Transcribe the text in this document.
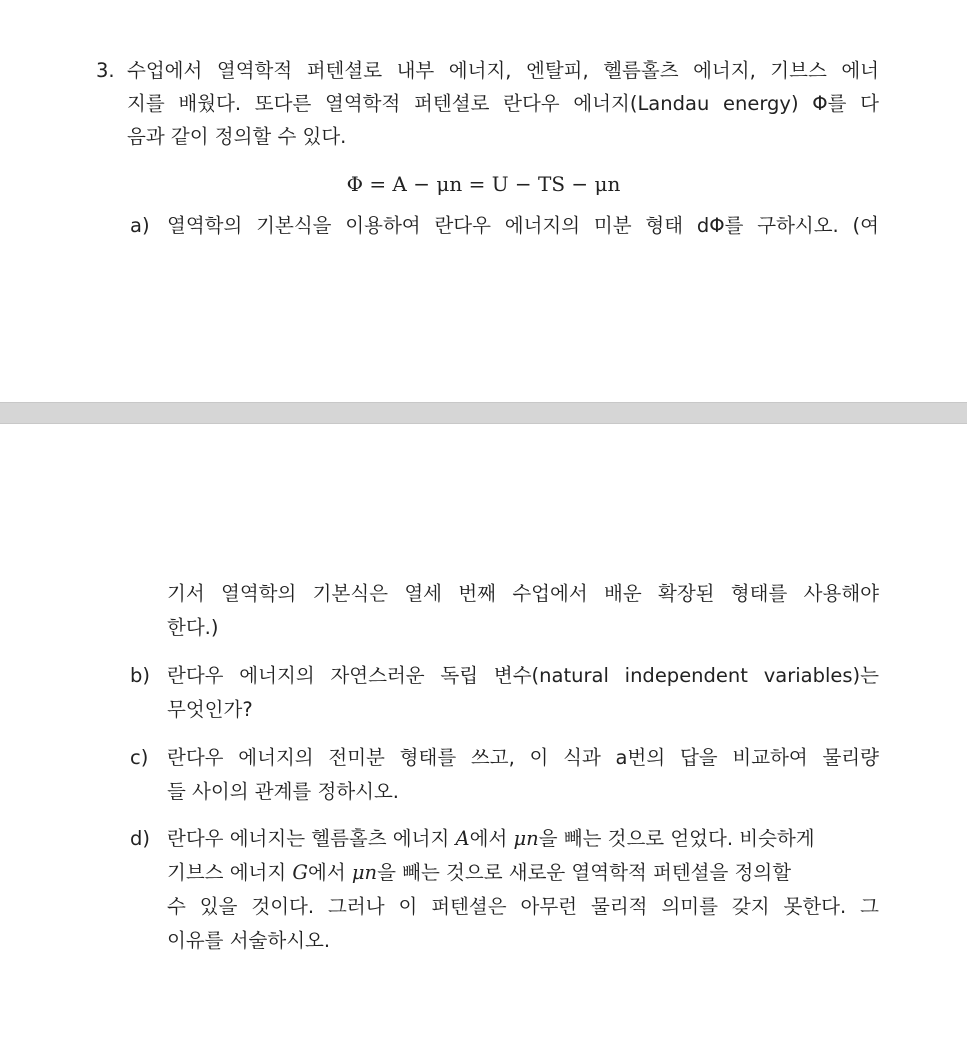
3. 수업에서 열역학적 퍼텐셜로 내부 에너지, 엔탈피, 헬름홀츠 에너지, 기브스 에너
지를 배웠다. 또다른 열역학적 퍼텐셜로 란다우 에너지(Landau energy) Φ를 다
음과 같이 정의할 수 있다.
Φ = A − μn = U − TS − μn
a) 열역학의 기본식을 이용하여 란다우 에너지의 미분 형태 dΦ를 구하시오. (여
기서 열역학의 기본식은 열세 번째 수업에서 배운 확장된 형태를 사용해야
한다.)
b) 란다우 에너지의 자연스러운 독립 변수(natural independent variables)는
무엇인가?
c) 란다우 에너지의 전미분 형태를 쓰고, 이 식과 a번의 답을 비교하여 물리량
들 사이의 관계를 정하시오.
d) 란다우 에너지는 헬름홀츠 에너지 A에서 μn을 빼는 것으로 얻었다. 비슷하게
기브스 에너지 G에서 μn을 빼는 것으로 새로운 열역학적 퍼텐셜을 정의할
수 있을 것이다. 그러나 이 퍼텐셜은 아무런 물리적 의미를 갖지 못한다. 그
이유를 서술하시오.
